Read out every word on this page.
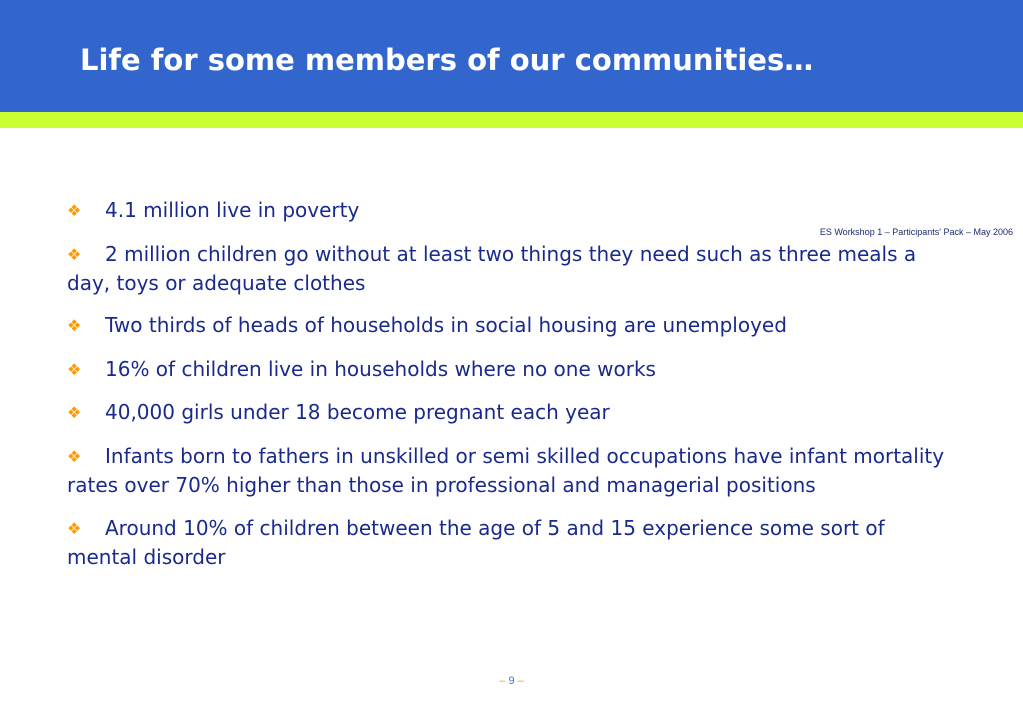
Life for some members of our communities…
ES Workshop 1 – Participants' Pack – May 2006
❖ 4.1 million live in poverty
❖ 2 million children go without at least two things they need such as three meals a day, toys or adequate clothes
❖ Two thirds of heads of households in social housing are unemployed
❖ 16% of children live in households where no one works
❖ 40,000 girls under 18 become pregnant each year
❖ Infants born to fathers in unskilled or semi skilled occupations have infant mortality rates over 70% higher than those in professional and managerial positions
❖ Around 10% of children between the age of 5 and 15 experience some sort of mental disorder
– 9 –
